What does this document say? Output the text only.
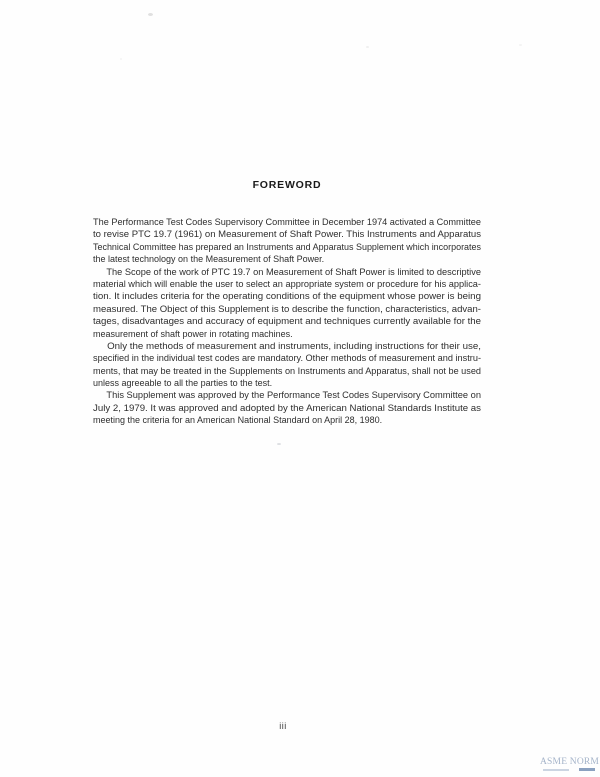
FOREWORD
The Performance Test Codes Supervisory Committee in December 1974 activated a Committee
to revise PTC 19.7 (1961) on Measurement of Shaft Power. This Instruments and Apparatus
Technical Committee has prepared an Instruments and Apparatus Supplement which incorporates
the latest technology on the Measurement of Shaft Power.
The Scope of the work of PTC 19.7 on Measurement of Shaft Power is limited to descriptive
material which will enable the user to select an appropriate system or procedure for his applica-
tion. It includes criteria for the operating conditions of the equipment whose power is being
measured. The Object of this Supplement is to describe the function, characteristics, advan-
tages, disadvantages and accuracy of equipment and techniques currently available for the
measurement of shaft power in rotating machines.
Only the methods of measurement and instruments, including instructions for their use,
specified in the individual test codes are mandatory. Other methods of measurement and instru-
ments, that may be treated in the Supplements on Instruments and Apparatus, shall not be used
unless agreeable to all the parties to the test.
This Supplement was approved by the Performance Test Codes Supervisory Committee on
July 2, 1979. It was approved and adopted by the American National Standards Institute as
meeting the criteria for an American National Standard on April 28, 1980.
iii
ASME NORM
